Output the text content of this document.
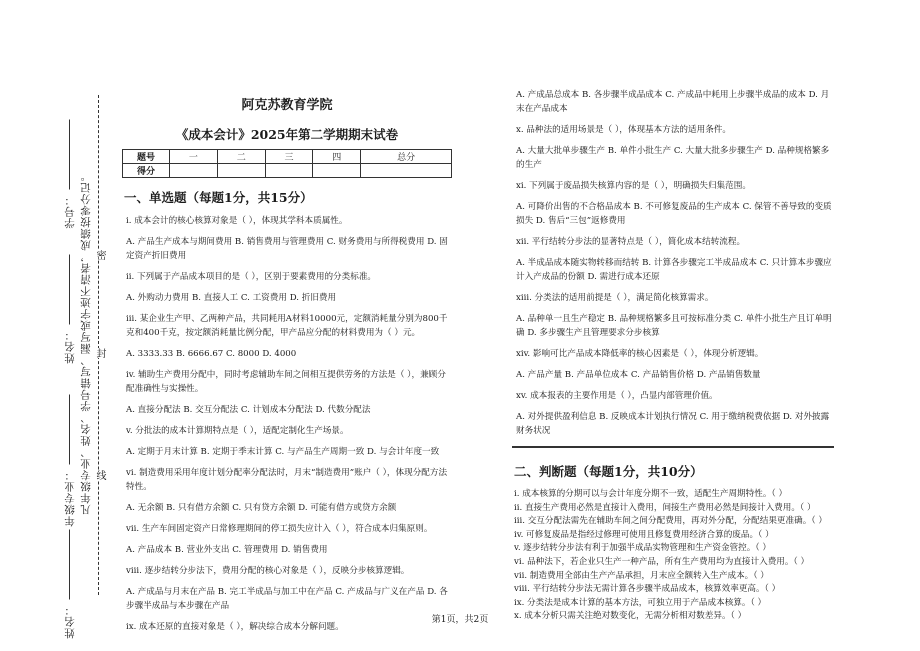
学号：
姓名：
年级专业：
姓名：
凡年级专业、姓名、学号错写、漏写或字迹不清者，成绩按零分记。 密
封
线
阿克苏教育学院
《成本会计》2025年第二学期期末试卷
题号	一	二	三	四	总分
得分					
一、单选题（每题1分，共15分）
i. 成本会计的核心核算对象是（ ），体现其学科本质属性。
A. 产品生产成本与期间费用 B. 销售费用与管理费用 C. 财务费用与所得税费用 D. 固定资产折旧费用
ii. 下列属于产品成本项目的是（ ），区别于要素费用的分类标准。
A. 外购动力费用 B. 直接人工 C. 工资费用 D. 折旧费用
iii. 某企业生产甲、乙两种产品，共同耗用A材料10000元，定额消耗量分别为800千克和400千克，按定额消耗量比例分配，甲产品应分配的材料费用为（ ）元。
A. 3333.33 B. 6666.67 C. 8000 D. 4000
iv. 辅助生产费用分配中，同时考虑辅助车间之间相互提供劳务的方法是（ ），兼顾分配准确性与实操性。
A. 直接分配法 B. 交互分配法 C. 计划成本分配法 D. 代数分配法
v. 分批法的成本计算期特点是（ ），适配定制化生产场景。
A. 定期于月末计算 B. 定期于季末计算 C. 与产品生产周期一致 D. 与会计年度一致
vi. 制造费用采用年度计划分配率分配法时，月末“制造费用”账户（ ），体现分配方法特性。
A. 无余额 B. 只有借方余额 C. 只有贷方余额 D. 可能有借方或贷方余额
vii. 生产车间固定资产日常修理期间的停工损失应计入（ ），符合成本归集原则。
A. 产品成本 B. 营业外支出 C. 管理费用 D. 销售费用
viii. 逐步结转分步法下，费用分配的核心对象是（ ），反映分步核算逻辑。
A. 产成品与月末在产品 B. 完工半成品与加工中在产品 C. 产成品与广义在产品 D. 各步骤半成品与本步骤在产品
ix. 成本还原的直接对象是（ ），解决综合成本分解问题。
A. 产成品总成本 B. 各步骤半成品成本 C. 产成品中耗用上步骤半成品的成本 D. 月末在产品成本
x. 品种法的适用场景是（ ），体现基本方法的适用条件。
A. 大量大批单步骤生产 B. 单件小批生产 C. 大量大批多步骤生产 D. 品种规格繁多的生产
xi. 下列属于废品损失核算内容的是（ ），明确损失归集范围。
A. 可降价出售的不合格品成本 B. 不可修复废品的生产成本 C. 保管不善导致的变质损失 D. 售后“三包”返修费用
xii. 平行结转分步法的显著特点是（ ），简化成本结转流程。
A. 半成品成本随实物转移而结转 B. 计算各步骤完工半成品成本 C. 只计算本步骤应计入产成品的份额 D. 需进行成本还原
xiii. 分类法的适用前提是（ ），满足简化核算需求。
A. 品种单一且生产稳定 B. 品种规格繁多且可按标准分类 C. 单件小批生产且订单明确 D. 多步骤生产且管理要求分步核算
xiv. 影响可比产品成本降低率的核心因素是（ ），体现分析逻辑。
A. 产品产量 B. 产品单位成本 C. 产品销售价格 D. 产品销售数量
xv. 成本报表的主要作用是（ ），凸显内部管理价值。
A. 对外提供盈利信息 B. 反映成本计划执行情况 C. 用于缴纳税费依据 D. 对外披露财务状况
二、判断题（每题1分，共10分）
i. 成本核算的分期可以与会计年度分期不一致，适配生产周期特性。（ ）
ii. 直接生产费用必然是直接计入费用，间接生产费用必然是间接计入费用。（ ）
iii. 交互分配法需先在辅助车间之间分配费用，再对外分配，分配结果更准确。（ ）
iv. 可修复废品是指经过修理可使用且修复费用经济合算的废品。（ ）
v. 逐步结转分步法有利于加强半成品实物管理和生产资金管控。（ ）
vi. 品种法下，若企业只生产一种产品，所有生产费用均为直接计入费用。（ ）
vii. 制造费用全部由生产产品承担，月末应全额转入生产成本。（ ）
viii. 平行结转分步法无需计算各步骤半成品成本，核算效率更高。（ ）
ix. 分类法是成本计算的基本方法，可独立用于产品成本核算。（ ）
x. 成本分析只需关注绝对数变化，无需分析相对数差异。（ ）
第1页，共2页
